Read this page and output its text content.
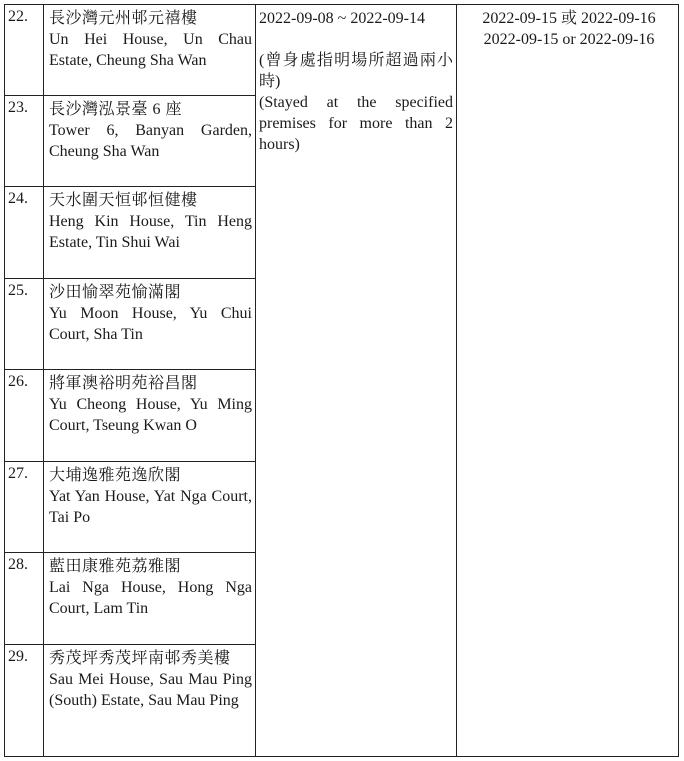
22. 長沙灣元州邨元禧樓
Un Hei House, Un Chau Estate, Cheung Sha Wan
23. 長沙灣泓景臺 6 座
Tower 6, Banyan Garden, Cheung Sha Wan
24. 天水圍天恒邨恒健樓
Heng Kin House, Tin Heng Estate, Tin Shui Wai
25. 沙田愉翠苑愉滿閣
Yu Moon House, Yu Chui Court, Sha Tin
26. 將軍澳裕明苑裕昌閣
Yu Cheong House, Yu Ming Court, Tseung Kwan O
27. 大埔逸雅苑逸欣閣
Yat Yan House, Yat Nga Court, Tai Po
28. 藍田康雅苑荔雅閣
Lai Nga House, Hong Nga Court, Lam Tin
29. 秀茂坪秀茂坪南邨秀美樓
Sau Mei House, Sau Mau Ping (South) Estate, Sau Mau Ping
2022-09-08 ~ 2022-09-14
(曾身處指明場所超過兩小時)
(Stayed at the specified premises for more than 2 hours)
2022-09-15 或 2022-09-16
2022-09-15 or 2022-09-16
